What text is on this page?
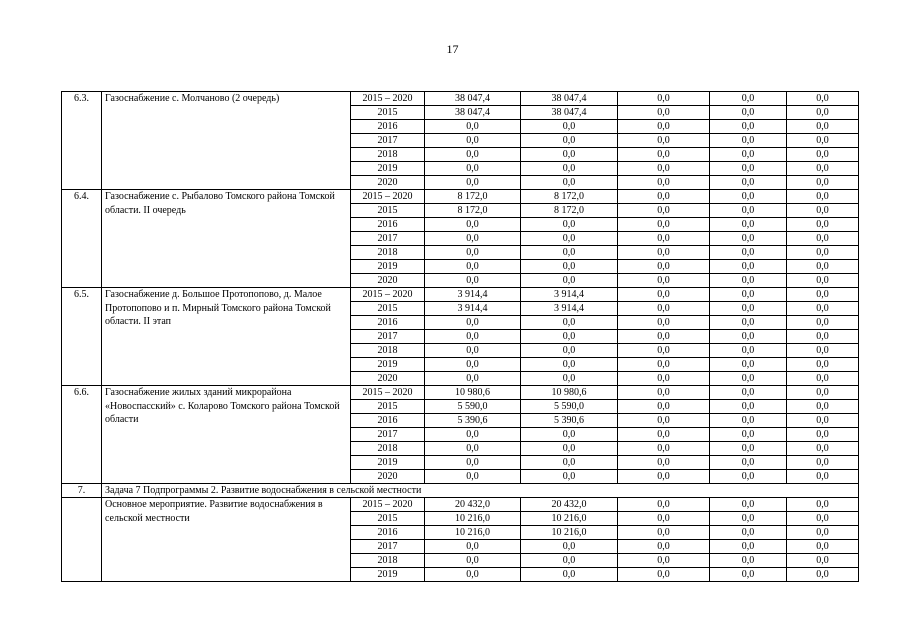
17
6.3.	Газоснабжение с. Молчаново (2 очередь)	2015 – 2020	38 047,4	38 047,4	0,0	0,0	0,0
		2015	38 047,4	38 047,4	0,0	0,0	0,0
		2016	0,0	0,0	0,0	0,0	0,0
		2017	0,0	0,0	0,0	0,0	0,0
		2018	0,0	0,0	0,0	0,0	0,0
		2019	0,0	0,0	0,0	0,0	0,0
		2020	0,0	0,0	0,0	0,0	0,0
6.4.	Газоснабжение с. Рыбалово Томского района Томской области. II очередь	2015 – 2020	8 172,0	8 172,0	0,0	0,0	0,0
		2015	8 172,0	8 172,0	0,0	0,0	0,0
		2016	0,0	0,0	0,0	0,0	0,0
		2017	0,0	0,0	0,0	0,0	0,0
		2018	0,0	0,0	0,0	0,0	0,0
		2019	0,0	0,0	0,0	0,0	0,0
		2020	0,0	0,0	0,0	0,0	0,0
6.5.	Газоснабжение д. Большое Протопопово, д. Малое Протопопово и п. Мирный Томского района Томской области. II этап	2015 – 2020	3 914,4	3 914,4	0,0	0,0	0,0
		2015	3 914,4	3 914,4	0,0	0,0	0,0
		2016	0,0	0,0	0,0	0,0	0,0
		2017	0,0	0,0	0,0	0,0	0,0
		2018	0,0	0,0	0,0	0,0	0,0
		2019	0,0	0,0	0,0	0,0	0,0
		2020	0,0	0,0	0,0	0,0	0,0
6.6.	Газоснабжение жилых зданий микрорайона «Новоспасский» с. Коларово Томского района Томской области	2015 – 2020	10 980,6	10 980,6	0,0	0,0	0,0
		2015	5 590,0	5 590,0	0,0	0,0	0,0
		2016	5 390,6	5 390,6	0,0	0,0	0,0
		2017	0,0	0,0	0,0	0,0	0,0
		2018	0,0	0,0	0,0	0,0	0,0
		2019	0,0	0,0	0,0	0,0	0,0
		2020	0,0	0,0	0,0	0,0	0,0
7.	Задача 7 Подпрограммы 2. Развитие водоснабжения в сельской местности						
	Основное мероприятие. Развитие водоснабжения в сельской местности	2015 – 2020	20 432,0	20 432,0	0,0	0,0	0,0
		2015	10 216,0	10 216,0	0,0	0,0	0,0
		2016	10 216,0	10 216,0	0,0	0,0	0,0
		2017	0,0	0,0	0,0	0,0	0,0
		2018	0,0	0,0	0,0	0,0	0,0
		2019	0,0	0,0	0,0	0,0	0,0
